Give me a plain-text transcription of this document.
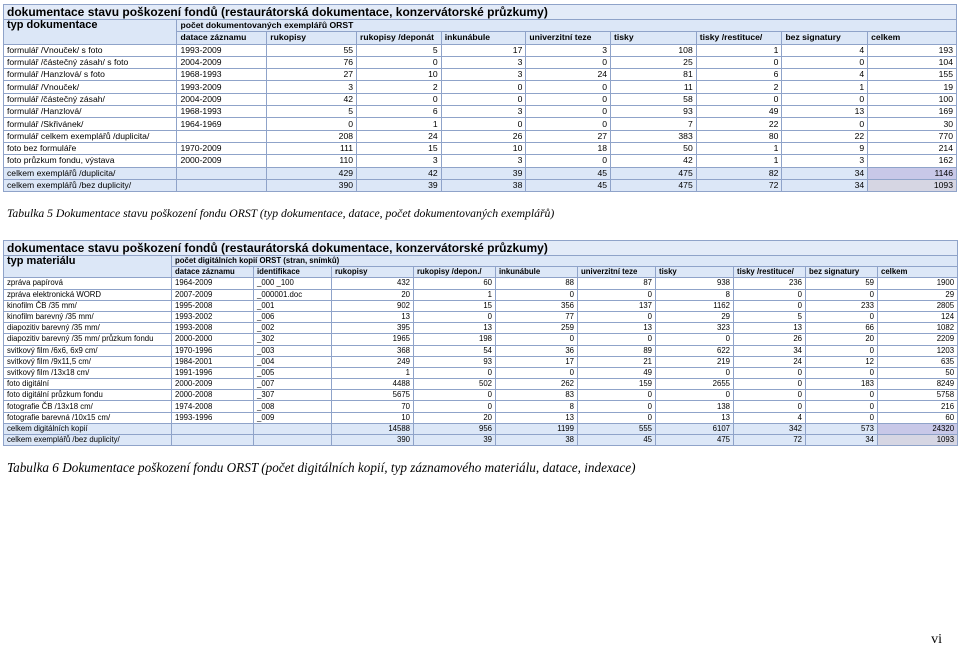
dokumentace stavu poškození fondů (restaurátorská dokumentace, konzervátorské průzkumy)									
typ dokumentace	počet dokumentovaných exemplářů ORST								
	datace záznamu	rukopisy	rukopisy /deponát	inkunábule	univerzitní teze	tisky	tisky /restituce/	bez signatury	celkem
formulář /Vnouček/ s foto	1993-2009	55	5	17	3	108	1	4	193
formulář /částečný zásah/ s foto	2004-2009	76	0	3	0	25	0	0	104
formulář /Hanzlová/ s foto	1968-1993	27	10	3	24	81	6	4	155
formulář /Vnouček/	1993-2009	3	2	0	0	11	2	1	19
formulář /částečný zásah/	2004-2009	42	0	0	0	58	0	0	100
formulář /Hanzlová/	1968-1993	5	6	3	0	93	49	13	169
formulář /Skřivánek/	1964-1969	0	1	0	0	7	22	0	30
formulář celkem exemplářů /duplicita/		208	24	26	27	383	80	22	770
foto bez formuláře	1970-2009	111	15	10	18	50	1	9	214
foto průzkum fondu, výstava	2000-2009	110	3	3	0	42	1	3	162
celkem exemplářů /duplicita/		429	42	39	45	475	82	34	1146
celkem exemplářů /bez duplicity/		390	39	38	45	475	72	34	1093
Tabulka 5 Dokumentace stavu poškození fondu ORST (typ dokumentace, datace, počet dokumentovaných exemplářů)
dokumentace stavu poškození fondů (restaurátorská dokumentace, konzervátorské průzkumy)										
typ materiálu	počet digitálních kopií ORST (stran, snímků)									
	datace záznamu	identifikace	rukopisy	rukopisy /depon./	inkunábule	univerzitní teze	tisky	tisky /restituce/	bez signatury	celkem
zpráva papírová	1964-2009	_000 _100	432	60	88	87	938	236	59	1900
zpráva elektronická WORD	2007-2009	_000001.doc	20	1	0	0	8	0	0	29
kinofilm ČB /35 mm/	1995-2008	_001	902	15	356	137	1162	0	233	2805
kinofilm barevný /35 mm/	1993-2002	_006	13	0	77	0	29	5	0	124
diapozitiv barevný /35 mm/	1993-2008	_002	395	13	259	13	323	13	66	1082
diapozitiv barevný /35 mm/ průzkum fondu	2000-2000	_302	1965	198	0	0	0	26	20	2209
svitkový film /6x6, 6x9 cm/	1970-1996	_003	368	54	36	89	622	34	0	1203
svitkový film /9x11,5 cm/	1984-2001	_004	249	93	17	21	219	24	12	635
svitkový film /13x18 cm/	1991-1996	_005	1	0	0	49	0	0	0	50
foto digitální	2000-2009	_007	4488	502	262	159	2655	0	183	8249
foto digitální průzkum fondu	2000-2008	_307	5675	0	83	0	0	0	0	5758
fotografie ČB /13x18 cm/	1974-2008	_008	70	0	8	0	138	0	0	216
fotografie barevná /10x15 cm/	1993-1996	_009	10	20	13	0	13	4	0	60
celkem digitálních kopií			14588	956	1199	555	6107	342	573	24320
celkem exemplářů /bez duplicity/			390	39	38	45	475	72	34	1093
Tabulka 6 Dokumentace poškození fondu ORST (počet digitálních kopií, typ záznamového materiálu, datace, indexace)
vi
